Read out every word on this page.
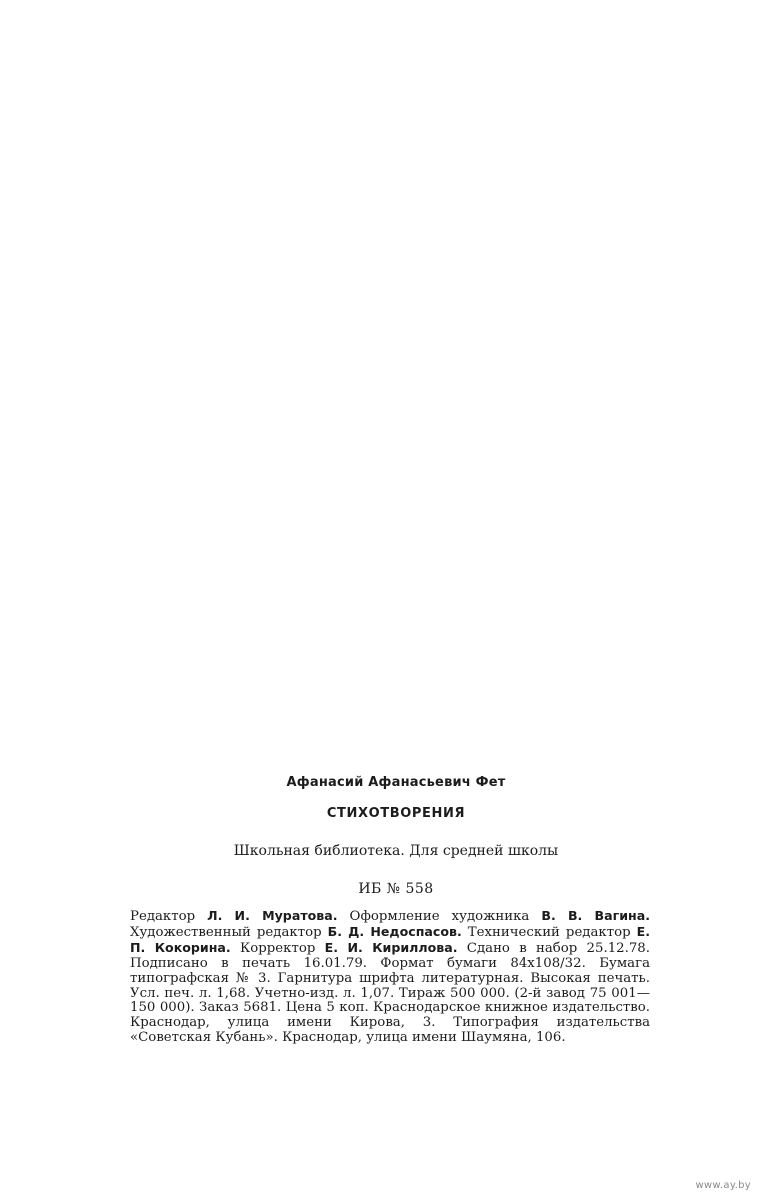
Афанасий Афанасьевич Фет
СТИХОТВОРЕНИЯ
Школьная библиотека. Для средней школы
ИБ № 558
Редактор Л. И. Муратова. Оформление художника В. В. Вагина. Художественный редактор Б. Д. Недоспасов. Технический редактор Е. П. Кокорина. Корректор Е. И. Кириллова. Сдано в набор 25.12.78. Подписано в печать 16.01.79. Формат бумаги 84х108/32. Бумага типографская № 3. Гарнитура шрифта литературная. Высокая печать. Усл. печ. л. 1,68. Учетно-изд. л. 1,07. Тираж 500 000. (2-й завод 75 001—150 000). Заказ 5681. Цена 5 коп. Краснодарское книжное издательство. Краснодар, улица имени Кирова, 3. Типография издательства «Советская Кубань». Краснодар, улица имени Шаумяна, 106.
www.ay.by
